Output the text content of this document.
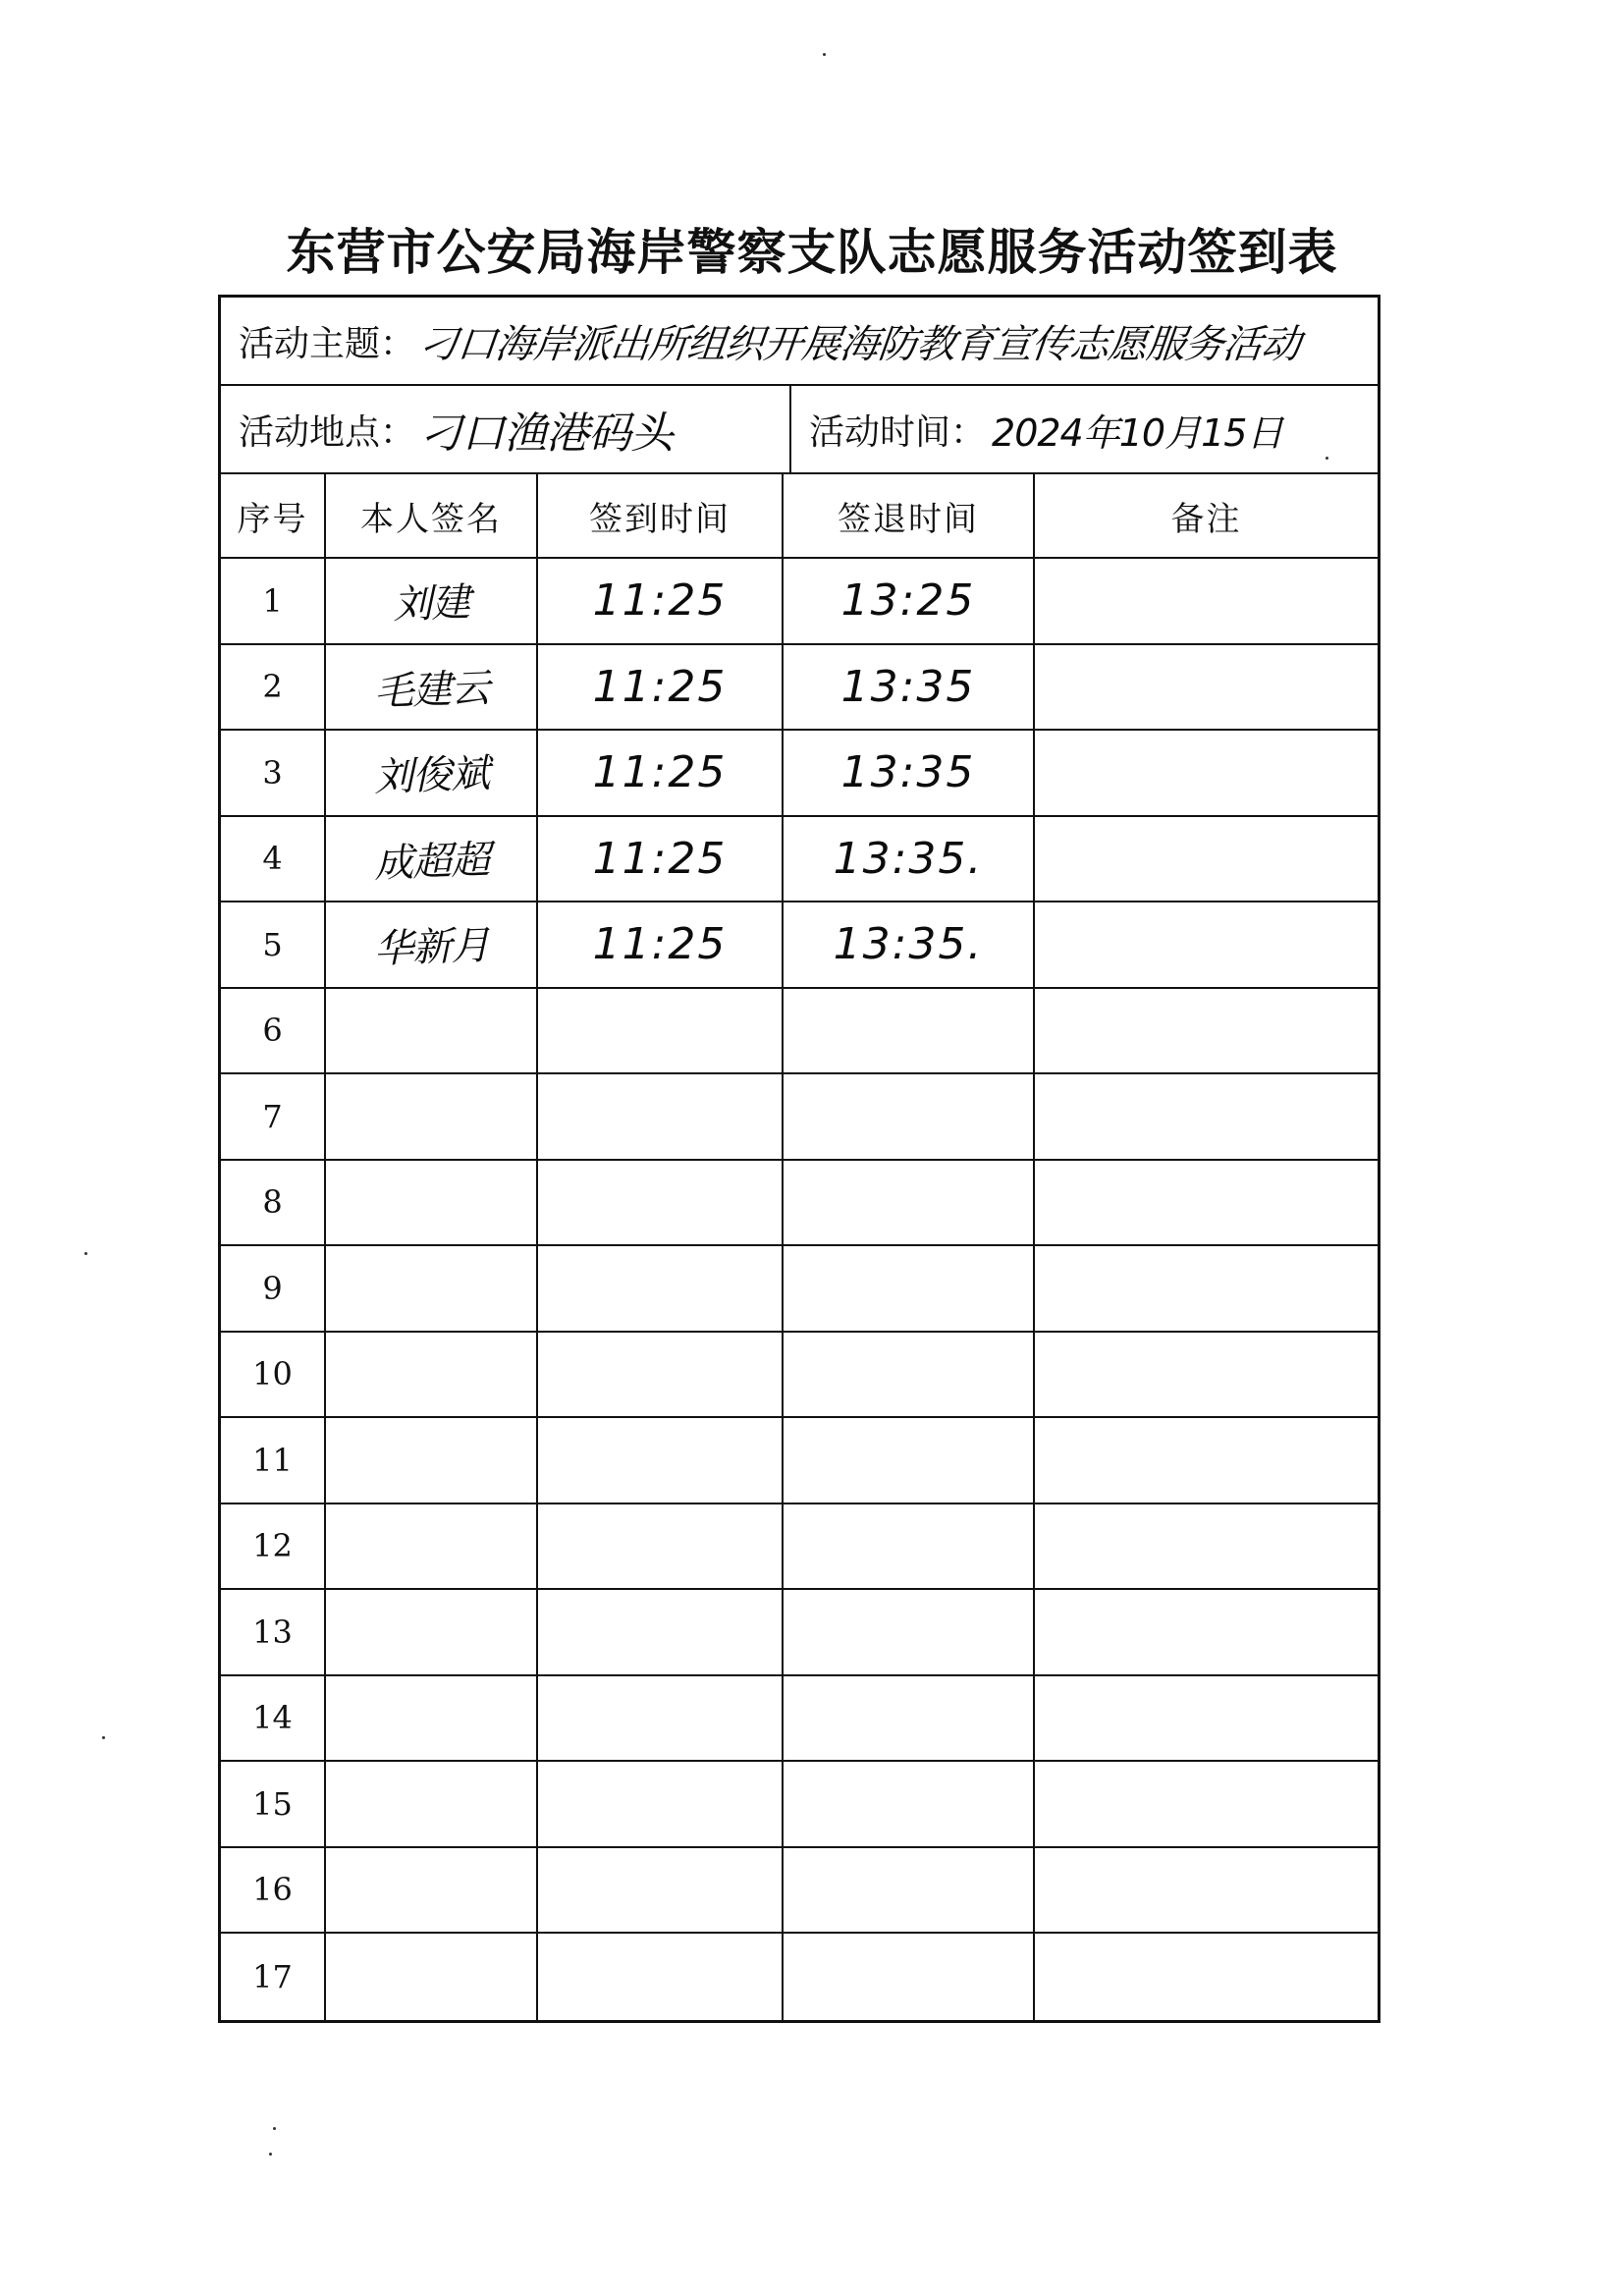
东营市公安局海岸警察支队志愿服务活动签到表
活动主题： 刁口海岸派出所组织开展海防教育宣传志愿服务活动
活动地点： 刁口渔港码头	活动时间： 2024年10月15日
序号	本人签名	签到时间	签退时间	备注
1	刘建	11:25	13:25
2 毛建云 11:25	13:35
3 刘俊斌 11:25	13:35
4 成超超 11:25 13:35.
5 华新月 11:25 13:35.
6
7
8
9
10
11
12
13
14
15
16
17
